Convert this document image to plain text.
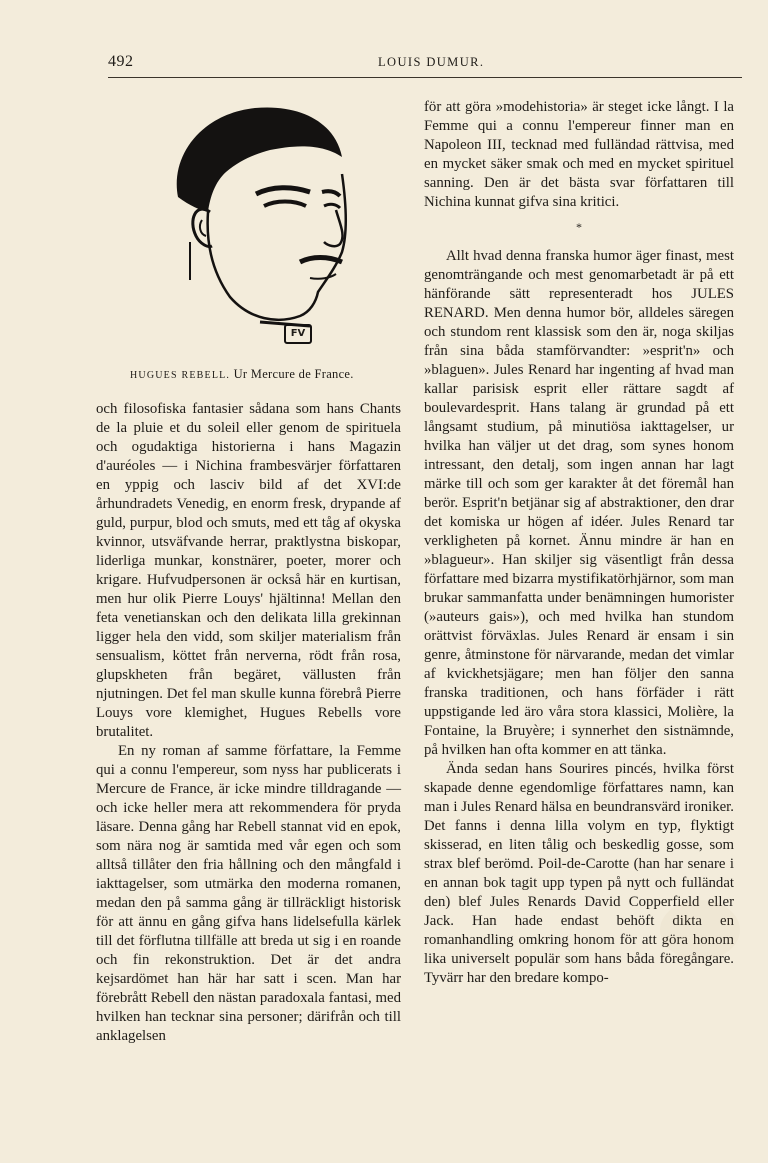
492	LOUIS DUMUR.
FV
HUGUES REBELL. Ur Mercure de France.

och filosofiska fantasier sådana som hans Chants de la pluie et du soleil eller genom de spirituela och ogudaktiga historierna i hans Magazin d'auréoles — i Nichina frambesvärjer författaren en yppig och lasciv bild af det XVI:de århundradets Venedig, en enorm fresk, drypande af guld, purpur, blod och smuts, med ett tåg af okyska kvinnor, utsväfvande herrar, praktlystna biskopar, liderliga munkar, konstnärer, poeter, morer och krigare. Hufvudpersonen är också här en kurtisan, men hur olik Pierre Louys' hjältinna! Mellan den feta venetianskan och den delikata lilla grekinnan ligger hela den vidd, som skiljer materialism från sensualism, köttet från nerverna, rödt från rosa, glupskheten från begäret, vällusten från njutningen. Det fel man skulle kunna förebrå Pierre Louys vore klemighet, Hugues Rebells vore brutalitet.

En ny roman af samme författare, la Femme qui a connu l'empereur, som nyss har publicerats i Mercure de France, är icke mindre tilldragande — och icke heller mera att rekommendera för pryda läsare. Denna gång har Rebell stannat vid en epok, som nära nog är samtida med vår egen och som alltså tillåter den fria hållning och den mångfald i iakttagelser, som utmärka den moderna romanen, medan den på samma gång är tillräckligt historisk för att ännu en gång gifva hans lidelsefulla kärlek till det förflutna tillfälle att breda ut sig i en roande och fin rekonstruktion. Det är det andra kejsardömet han här har satt i scen. Man har förebrått Rebell den nästan paradoxala fantasi, med hvilken han tecknar sina personer; därifrån och till anklagelsen

för att göra »modehistoria» är steget icke långt. I la Femme qui a connu l'empereur finner man en Napoleon III, tecknad med fulländad rättvisa, med en mycket säker smak och med en mycket spirituel sanning. Den är det bästa svar författaren till Nichina kunnat gifva sina kritici.

*

Allt hvad denna franska humor äger finast, mest genomträngande och mest genomarbetadt är på ett hänförande sätt representeradt hos JULES RENARD. Men denna humor bör, alldeles säregen och stundom rent klassisk som den är, noga skiljas från sina båda stamförvandter: »esprit'n» och »blaguen». Jules Renard har ingenting af hvad man kallar parisisk esprit eller rättare sagdt af boulevardesprit. Hans talang är grundad på ett långsamt studium, på minutiösa iakttagelser, ur hvilka han väljer ut det drag, som synes honom intressant, den detalj, som ingen annan har lagt märke till och som ger karakter åt det föremål han berör. Esprit'n betjänar sig af abstraktioner, den drar det komiska ur högen af idéer. Jules Renard tar verkligheten på kornet. Ännu mindre är han en »blagueur». Han skiljer sig väsentligt från dessa författare med bizarra mystifikatörhjärnor, som man brukar sammanfatta under benämningen humorister (»auteurs gais»), och med hvilka han stundom orättvist förväxlas. Jules Renard är ensam i sin genre, åtminstone för närvarande, medan det vimlar af kvickhetsjägare; men han följer den sanna franska traditionen, och hans förfäder i rätt uppstigande led äro våra stora klassici, Molière, la Fontaine, la Bruyère; i synnerhet den sistnämnde, på hvilken han ofta kommer en att tänka.

Ända sedan hans Sourires pincés, hvilka först skapade denne egendomlige författares namn, kan man i Jules Renard hälsa en beundransvärd ironiker. Det fanns i denna lilla volym en typ, flyktigt skisserad, en liten tålig och beskedlig gosse, som strax blef berömd. Poil-de-Carotte (han har senare i en annan bok tagit upp typen på nytt och fulländat den) blef Jules Renards David Copperfield eller Jack. Han hade endast behöft dikta en romanhandling omkring honom för att göra honom lika universelt populär som hans båda föregångare. Tyvärr har den bredare kompo-
